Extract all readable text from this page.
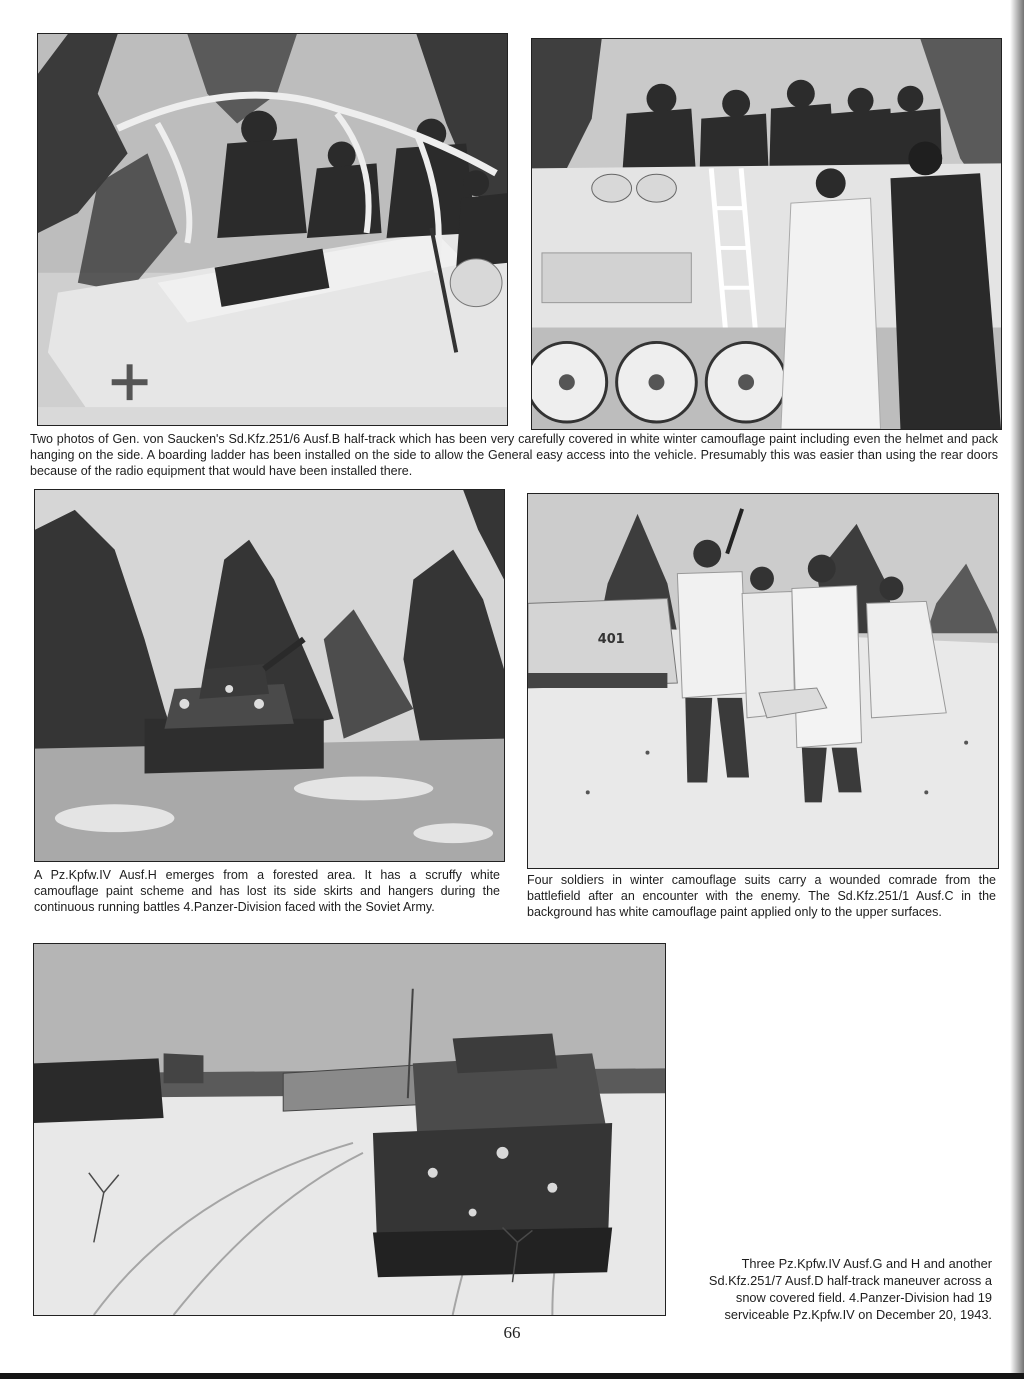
Two photos of Gen. von Saucken's Sd.Kfz.251/6 Ausf.B half-track which has been very carefully covered in white winter camouflage paint including even the helmet and pack hanging on the side. A boarding ladder has been installed on the side to allow the General easy access into the vehicle. Presumably this was easier than using the rear doors because of the radio equipment that would have been installed there.

401

A Pz.Kpfw.IV Ausf.H emerges from a forested area. It has a scruffy white camouflage paint scheme and has lost its side skirts and hangers during the continuous running battles 4.Panzer-Division faced with the Soviet Army.

Four soldiers in winter camouflage suits carry a wounded comrade from the battlefield after an encounter with the enemy. The Sd.Kfz.251/1 Ausf.C in the background has white camouflage paint applied only to the upper surfaces.

Three Pz.Kpfw.IV Ausf.G and H and another Sd.Kfz.251/7 Ausf.D half-track maneuver across a snow covered field. 4.Panzer-Division had 19 serviceable Pz.Kpfw.IV on December 20, 1943.

66
